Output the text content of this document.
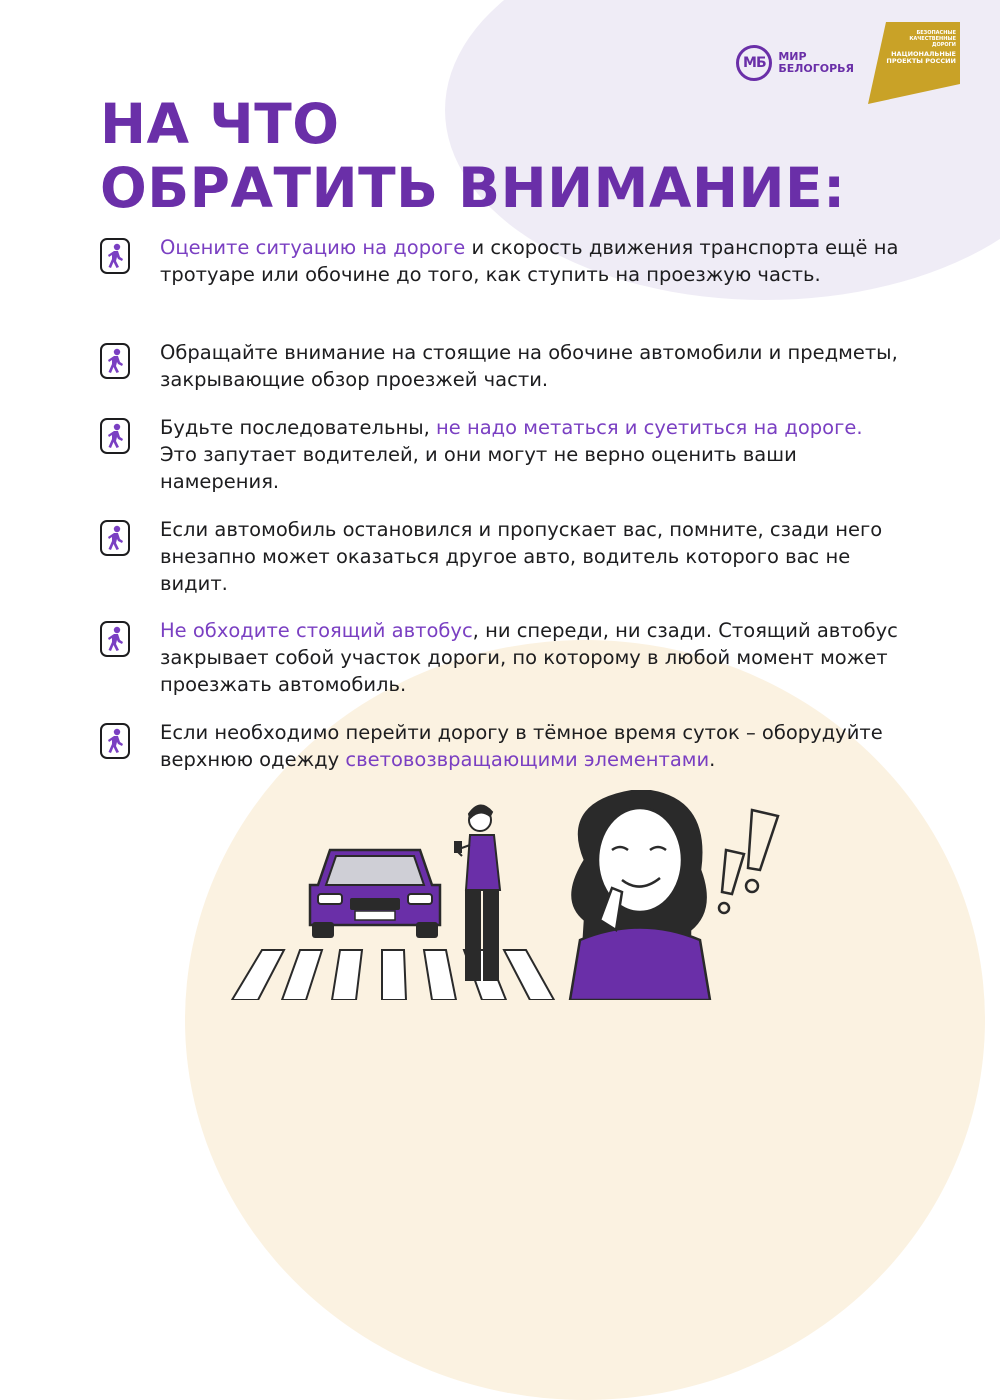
МБ	МИР
БЕЛОГОРЬЯ
БЕЗОПАСНЫЕ КАЧЕСТВЕННЫЕ ДОРОГИ
НАЦИОНАЛЬНЫЕ ПРОЕКТЫ РОССИИ
НА ЧТО
ОБРАТИТЬ ВНИМАНИЕ:
Оцените ситуацию на дороге и скорость движения транспорта ещё на тротуаре или обочине до того, как ступить на проезжую часть.
Обращайте внимание на стоящие на обочине автомобили и предметы, закрывающие обзор проезжей части.
Будьте последовательны, не надо метаться и суетиться на дороге. Это запутает водителей, и они могут не верно оценить ваши намерения.
Если автомобиль остановился и пропускает вас, помните, сзади него внезапно может оказаться другое авто, водитель которого вас не видит.
Не обходите стоящий автобус, ни спереди, ни сзади. Стоящий автобус закрывает собой участок дороги, по которому в любой момент может проезжать автомобиль.
Если необходимо перейти дорогу в тёмное время суток – оборудуйте верхнюю одежду световозвращающими элементами.
